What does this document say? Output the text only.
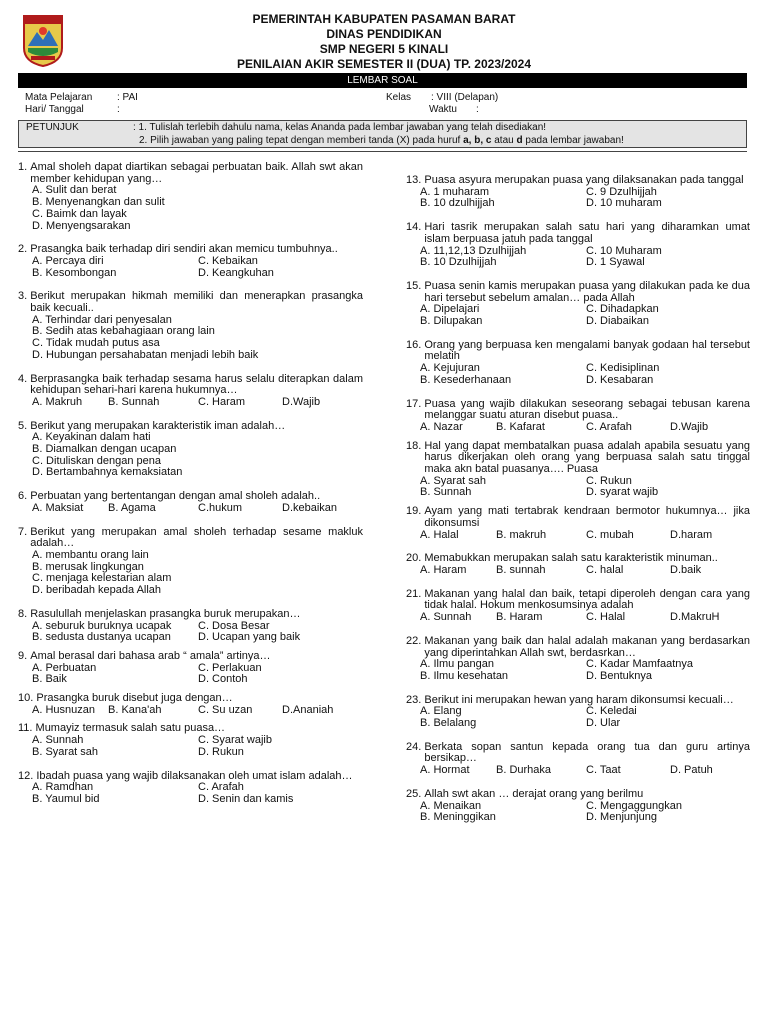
PEMERINTAH KABUPATEN PASAMAN BARAT
DINAS PENDIDIKAN
SMP NEGERI 5 KINALI
PENILAIAN AKIR SEMESTER II (DUA) TP. 2023/2024
LEMBAR SOAL
Mata Pelajaran : PAI
Hari/ Tanggal	:
Kelas : VIII (Delapan)
Waktu :
PETUNJUK	: 1. Tulislah terlebih dahulu nama, kelas Ananda pada lembar jawaban yang telah disediakan!
2. Pilih jawaban yang paling tepat dengan memberi tanda (X) pada huruf a, b, c atau d pada lembar jawaban!
1. Amal sholeh dapat diartikan sebagai perbuatan baik. Allah swt akan member kehidupan yang…
A. Sulit dan berat
B. Menyenangkan dan sulit
C. Baimk dan layak
D. Menyengsarakan
2. Prasangka baik terhadap diri sendiri akan memicu tumbuhnya..
A. Percaya diri	C. Kebaikan
B. Kesombongan	D. Keangkuhan
3. Berikut merupakan hikmah memiliki dan menerapkan prasangka baik kecuali..
A. Terhindar dari penyesalan
B. Sedih atas kebahagiaan orang lain
C. Tidak mudah putus asa
D. Hubungan persahabatan menjadi lebih baik
4. Berprasangka baik terhadap sesama harus selalu diterapkan dalam kehidupan sehari-hari karena hukumnya…
A. Makruh	B. Sunnah	C. Haram	D.Wajib
5. Berikut yang merupakan karakteristik iman adalah…
A. Keyakinan dalam hati
B. Diamalkan dengan ucapan
C. Dituliskan dengan pena
D. Bertambahnya kemaksiatan
6. Perbuatan yang bertentangan dengan amal sholeh adalah..
A. Maksiat	B. Agama	C.hukum	D.kebaikan
7. Berikut yang merupakan amal sholeh terhadap sesame makluk adalah…
A. membantu orang lain
B. merusak lingkungan
C. menjaga kelestarian alam
D. beribadah kepada Allah
8. Rasulullah menjelaskan prasangka buruk merupakan…
A. seburuk buruknya ucapak	C. Dosa Besar
B. sedusta dustanya ucapan	D. Ucapan yang baik
9. Amal berasal dari bahasa arab “ amala” artinya…
A. Perbuatan	C. Perlakuan
B. Baik	D. Contoh
10. Prasangka buruk disebut juga dengan…
A. Husnuzan	B. Kana'ah	C. Su uzan	D.Ananiah
11. Mumayiz termasuk salah satu puasa…
A. Sunnah	C. Syarat wajib
B. Syarat sah	D. Rukun
12. Ibadah puasa yang wajib dilaksanakan oleh umat islam adalah…
A. Ramdhan	C. Arafah
B. Yaumul bid	D. Senin dan kamis
13. Puasa asyura merupakan puasa yang dilaksanakan pada tanggal
A. 1 muharam	C. 9 Dzulhijjah
B. 10 dzulhijjah	D. 10 muharam
14. Hari tasrik merupakan salah satu hari yang diharamkan umat islam berpuasa jatuh pada tanggal
A. 11,12,13 Dzulhijjah	C. 10 Muharam
B. 10 Dzulhijjah	D. 1 Syawal
15. Puasa senin kamis merupakan puasa yang dilakukan pada ke dua hari tersebut sebelum amalan… pada Allah
A. Dipelajari	C. Dihadapkan
B. Dilupakan	D. Diabaikan
16. Orang yang berpuasa ken mengalami banyak godaan hal tersebut melatih
A. Kejujuran	C. Kedisiplinan
B. Kesederhanaan	D. Kesabaran
17. Puasa yang wajib dilakukan seseorang sebagai tebusan karena melanggar suatu aturan disebut puasa..
A. Nazar	B. Kafarat	C. Arafah	D.Wajib
18. Hal yang dapat membatalkan puasa adalah apabila sesuatu yang harus dikerjakan oleh orang yang berpuasa salah satu tinggal maka akn batal puasanya…. Puasa
A. Syarat sah	C. Rukun
B. Sunnah	D. syarat wajib
19. Ayam yang mati tertabrak kendraan bermotor hukumnya… jika dikonsumsi
A. Halal	B. makruh	C. mubah	D.haram
20. Memabukkan merupakan salah satu karakteristik minuman..
A. Haram	B. sunnah	C. halal	D.baik
21. Makanan yang halal dan baik, tetapi diperoleh dengan cara yang tidak halal. Hokum menkosumsinya adalah
A. Sunnah	B. Haram	C. Halal	D.MakruH
22. Makanan yang baik dan halal adalah makanan yang berdasarkan yang diperintahkan Allah swt, berdasrkan…
A. Ilmu pangan	C. Kadar Mamfaatnya
B. Ilmu kesehatan	D. Bentuknya
23. Berikut ini merupakan hewan yang haram dikonsumsi kecuali…
A. Elang	C. Keledai
B. Belalang	D. Ular
24. Berkata sopan santun kepada orang tua dan guru artinya bersikap…
A. Hormat	B. Durhaka	C. Taat	D. Patuh
25. Allah swt akan … derajat orang yang berilmu
A. Menaikan	C. Mengaggungkan
B. Meninggikan	D. Menjunjung
